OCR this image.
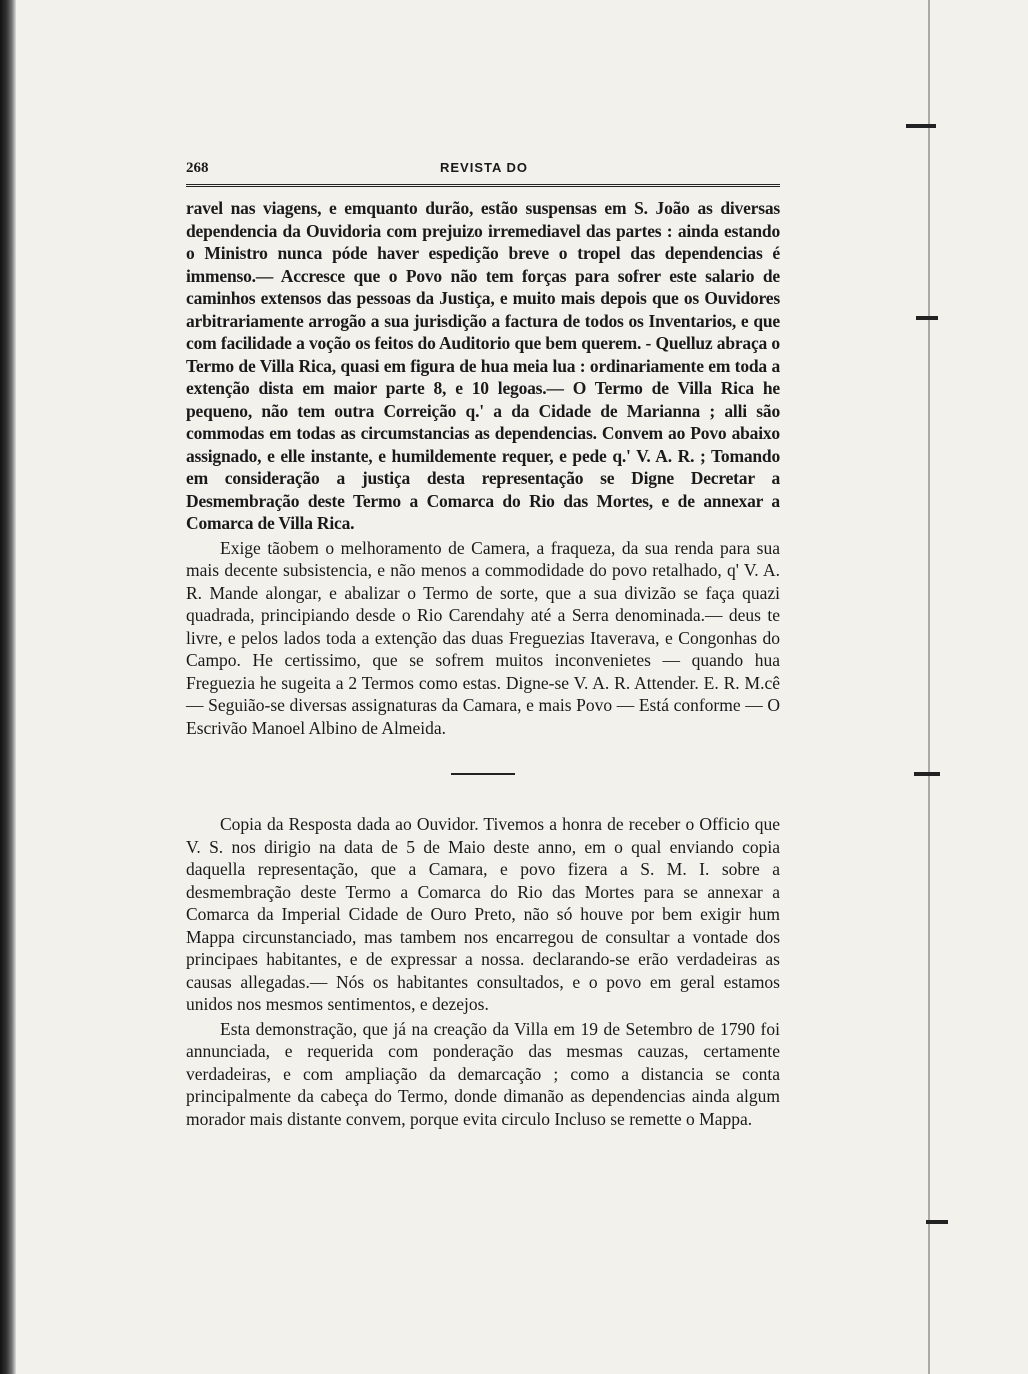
268	REVISTA DO

ravel nas viagens, e emquanto durão, estão suspensas em S. João as diversas dependencia da Ouvidoria com prejuizo irremediavel das partes : ainda estando o Ministro nunca póde haver espedição breve o tropel das dependencias é immenso.— Accresce que o Povo não tem forças para sofrer este salario de caminhos extensos das pessoas da Justiça, e muito mais depois que os Ouvidores arbitrariamente arrogão a sua jurisdição a factura de todos os Inventarios, e que com facilidade a voção os feitos do Auditorio que bem querem. - Quelluz abraça o Termo de Villa Rica, quasi em figura de hua meia lua : ordinariamente em toda a extenção dista em maior parte 8, e 10 legoas.— O Termo de Villa Rica he pequeno, não tem outra Correição q.' a da Cidade de Marianna ; alli são commodas em todas as circumstancias as dependencias. Convem ao Povo abaixo assignado, e elle instante, e humildemente requer, e pede q.' V. A. R. ; Tomando em consideração a justiça desta representação se Digne Decretar a Desmembração deste Termo a Comarca do Rio das Mortes, e de annexar a Comarca de Villa Rica.

Exige tãobem o melhoramento de Camera, a fraqueza, da sua renda para sua mais decente subsistencia, e não menos a commodidade do povo retalhado, q' V. A. R. Mande alongar, e abalizar o Termo de sorte, que a sua divizão se faça quazi quadrada, principiando desde o Rio Carendahy até a Serra denominada.— deus te livre, e pelos lados toda a extenção das duas Freguezias Itaverava, e Congonhas do Campo. He certissimo, que se sofrem muitos inconvenietes — quando hua Freguezia he sugeita a 2 Termos como estas. Digne-se V. A. R. Attender. E. R. M.cê— Seguião-se diversas assignaturas da Camara, e mais Povo — Está conforme — O Escrivão Manoel Albino de Almeida.

Copia da Resposta dada ao Ouvidor. Tivemos a honra de receber o Officio que V. S. nos dirigio na data de 5 de Maio deste anno, em o qual enviando copia daquella representação, que a Camara, e povo fizera a S. M. I. sobre a desmembração deste Termo a Comarca do Rio das Mortes para se annexar a Comarca da Imperial Cidade de Ouro Preto, não só houve por bem exigir hum Mappa circunstanciado, mas tambem nos encarregou de consultar a vontade dos principaes habitantes, e de expressar a nossa. declarando-se erão verdadeiras as causas allegadas.— Nós os habitantes consultados, e o povo em geral estamos unidos nos mesmos sentimentos, e dezejos.

Esta demonstração, que já na creação da Villa em 19 de Setembro de 1790 foi annunciada, e requerida com ponderação das mesmas cauzas, certamente verdadeiras, e com ampliação da demarcação ; como a distancia se conta principalmente da cabeça do Termo, donde dimanão as dependencias ainda algum morador mais distante convem, porque evita circulo Incluso se remette o Mappa.
